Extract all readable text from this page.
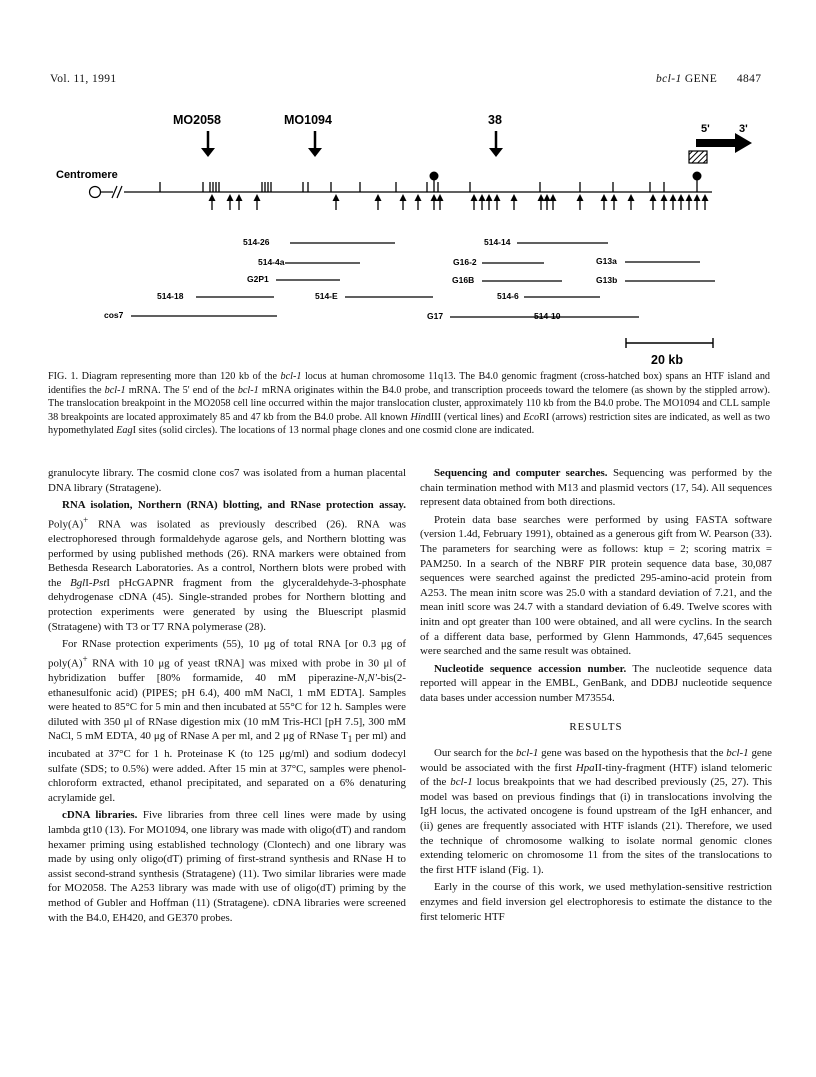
Vol. 11, 1991	bcl-1 GENE 4847
MO2058	MO1094	38
5'	3'
Centromere
514-26
514-4a
G2P1
514-18
cos7
514-E
514-14
G16-2
G16B
514-6
G17	514-10
G13a
G13b
20 kb
FIG. 1. Diagram representing more than 120 kb of the bcl-1 locus at human chromosome 11q13. The B4.0 genomic fragment (cross-hatched box) spans an HTF island and identifies the bcl-1 mRNA. The 5' end of the bcl-1 mRNA originates within the B4.0 probe, and transcription proceeds toward the telomere (as shown by the stippled arrow). The translocation breakpoint in the MO2058 cell line occurred within the major translocation cluster, approximately 110 kb from the B4.0 probe. The MO1094 and CLL sample 38 breakpoints are located approximately 85 and 47 kb from the B4.0 probe. All known HindIII (vertical lines) and EcoRI (arrows) restriction sites are indicated, as well as two hypomethylated EagI sites (solid circles). The locations of 13 normal phage clones and one cosmid clone are indicated.

granulocyte library. The cosmid clone cos7 was isolated from a human placental DNA library (Stratagene).

RNA isolation, Northern (RNA) blotting, and RNase protection assay. Poly(A)+ RNA was isolated as previously described (26). RNA was electrophoresed through formaldehyde agarose gels, and Northern blotting was performed by using published methods (26). RNA markers were obtained from Bethesda Research Laboratories. As a control, Northern blots were probed with the BglI-PstI pHcGAPNR fragment from the glyceraldehyde-3-phosphate dehydrogenase cDNA (45). Single-stranded probes for Northern blotting and protection experiments were generated by using the Bluescript plasmid (Stratagene) with T3 or T7 RNA polymerase (28).

For RNase protection experiments (55), 10 μg of total RNA [or 0.3 μg of poly(A)+ RNA with 10 μg of yeast tRNA] was mixed with probe in 30 μl of hybridization buffer [80% formamide, 40 mM piperazine-N,N'-bis(2-ethanesulfonic acid) (PIPES; pH 6.4), 400 mM NaCl, 1 mM EDTA]. Samples were heated to 85°C for 5 min and then incubated at 55°C for 12 h. Samples were diluted with 350 μl of RNase digestion mix (10 mM Tris-HCl [pH 7.5], 300 mM NaCl, 5 mM EDTA, 40 μg of RNase A per ml, and 2 μg of RNase $T_1$ per ml) and incubated at 37°C for 1 h. Proteinase K (to 125 μg/ml) and sodium dodecyl sulfate (SDS; to 0.5%) were added. After 15 min at 37°C, samples were phenol-chloroform extracted, ethanol precipitated, and separated on a 6% denaturing acrylamide gel.

cDNA libraries. Five libraries from three cell lines were made by using lambda gt10 (13). For MO1094, one library was made with oligo(dT) and random hexamer priming using established technology (Clontech) and one library was made by using only oligo(dT) priming of first-strand synthesis and RNase H to assist second-strand synthesis (Stratagene) (11). Two similar libraries were made for MO2058. The A253 library was made with use of oligo(dT) priming by the method of Gubler and Hoffman (11) (Stratagene). cDNA libraries were screened with the B4.0, EH420, and GE370 probes.

Sequencing and computer searches. Sequencing was performed by the chain termination method with M13 and plasmid vectors (17, 54). All sequences represent data obtained from both directions.

Protein data base searches were performed by using FASTA software (version 1.4d, February 1991), obtained as a generous gift from W. Pearson (33). The parameters for searching were as follows: ktup = 2; scoring matrix = PAM250. In a search of the NBRF PIR protein sequence data base, 30,087 sequences were searched against the predicted 295-amino-acid protein from A253. The mean initn score was 25.0 with a standard deviation of 7.21, and the mean initl score was 24.7 with a standard deviation of 6.49. Twelve scores with initn and opt greater than 100 were obtained, and all were cyclins. In the search of a different data base, performed by Glenn Hammonds, 47,645 sequences were searched and the same result was obtained.

Nucleotide sequence accession number. The nucleotide sequence data reported will appear in the EMBL, GenBank, and DDBJ nucleotide sequence data bases under accession number M73554.

RESULTS

Our search for the bcl-1 gene was based on the hypothesis that the bcl-1 gene would be associated with the first HpaII-tiny-fragment (HTF) island telomeric of the bcl-1 locus breakpoints that we had described previously (25, 27). This model was based on previous findings that (i) in translocations involving the IgH locus, the activated oncogene is found upstream of the IgH enhancer, and (ii) genes are frequently associated with HTF islands (21). Therefore, we used the technique of chromosome walking to isolate normal genomic clones extending telomeric on chromosome 11 from the sites of the translocations to the first HTF island (Fig. 1).

Early in the course of this work, we used methylation-sensitive restriction enzymes and field inversion gel electrophoresis to estimate the distance to the first telomeric HTF
